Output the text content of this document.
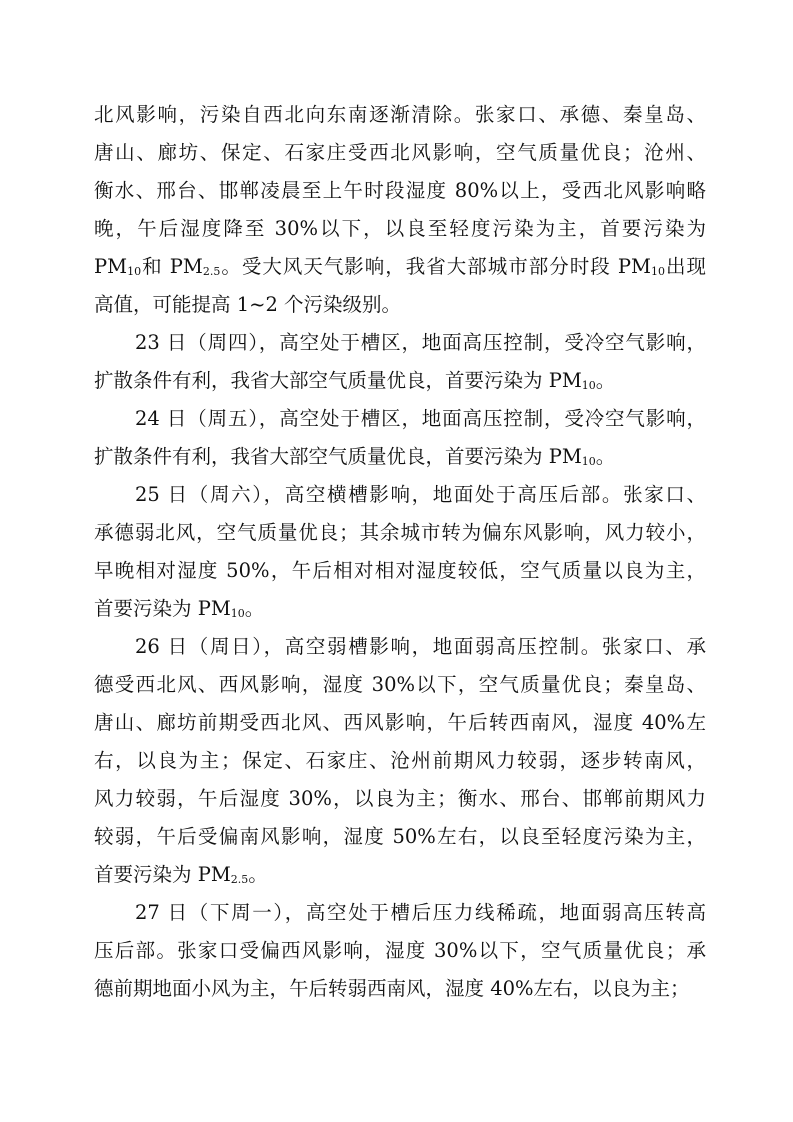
北风影响，污染自西北向东南逐渐清除。张家口、承德、秦皇岛、
唐山、廊坊、保定、石家庄受西北风影响，空气质量优良；沧州、
衡水、邢台、邯郸凌晨至上午时段湿度 80%以上，受西北风影响略
晚，午后湿度降至 30%以下，以良至轻度污染为主，首要污染为
$PM_{10}$和 $PM_{2.5}$。受大风天气影响，我省大部城市部分时段 $PM_{10}$出现
高值，可能提高 1~2 个污染级别。
23 日（周四），高空处于槽区，地面高压控制，受冷空气影响，
扩散条件有利，我省大部空气质量优良，首要污染为 $PM_{10}$。
24 日（周五），高空处于槽区，地面高压控制，受冷空气影响，
扩散条件有利，我省大部空气质量优良，首要污染为 $PM_{10}$。
25 日（周六），高空横槽影响，地面处于高压后部。张家口、
承德弱北风，空气质量优良；其余城市转为偏东风影响，风力较小，
早晚相对湿度 50%，午后相对相对湿度较低，空气质量以良为主，
首要污染为 $PM_{10}$。
26 日（周日），高空弱槽影响，地面弱高压控制。张家口、承
德受西北风、西风影响，湿度 30%以下，空气质量优良；秦皇岛、
唐山、廊坊前期受西北风、西风影响，午后转西南风，湿度 40%左
右，以良为主；保定、石家庄、沧州前期风力较弱，逐步转南风，
风力较弱，午后湿度 30%，以良为主；衡水、邢台、邯郸前期风力
较弱，午后受偏南风影响，湿度 50%左右，以良至轻度污染为主，
首要污染为 $PM_{2.5}$。
27 日（下周一），高空处于槽后压力线稀疏，地面弱高压转高
压后部。张家口受偏西风影响，湿度 30%以下，空气质量优良；承
德前期地面小风为主，午后转弱西南风，湿度 40%左右，以良为主；
